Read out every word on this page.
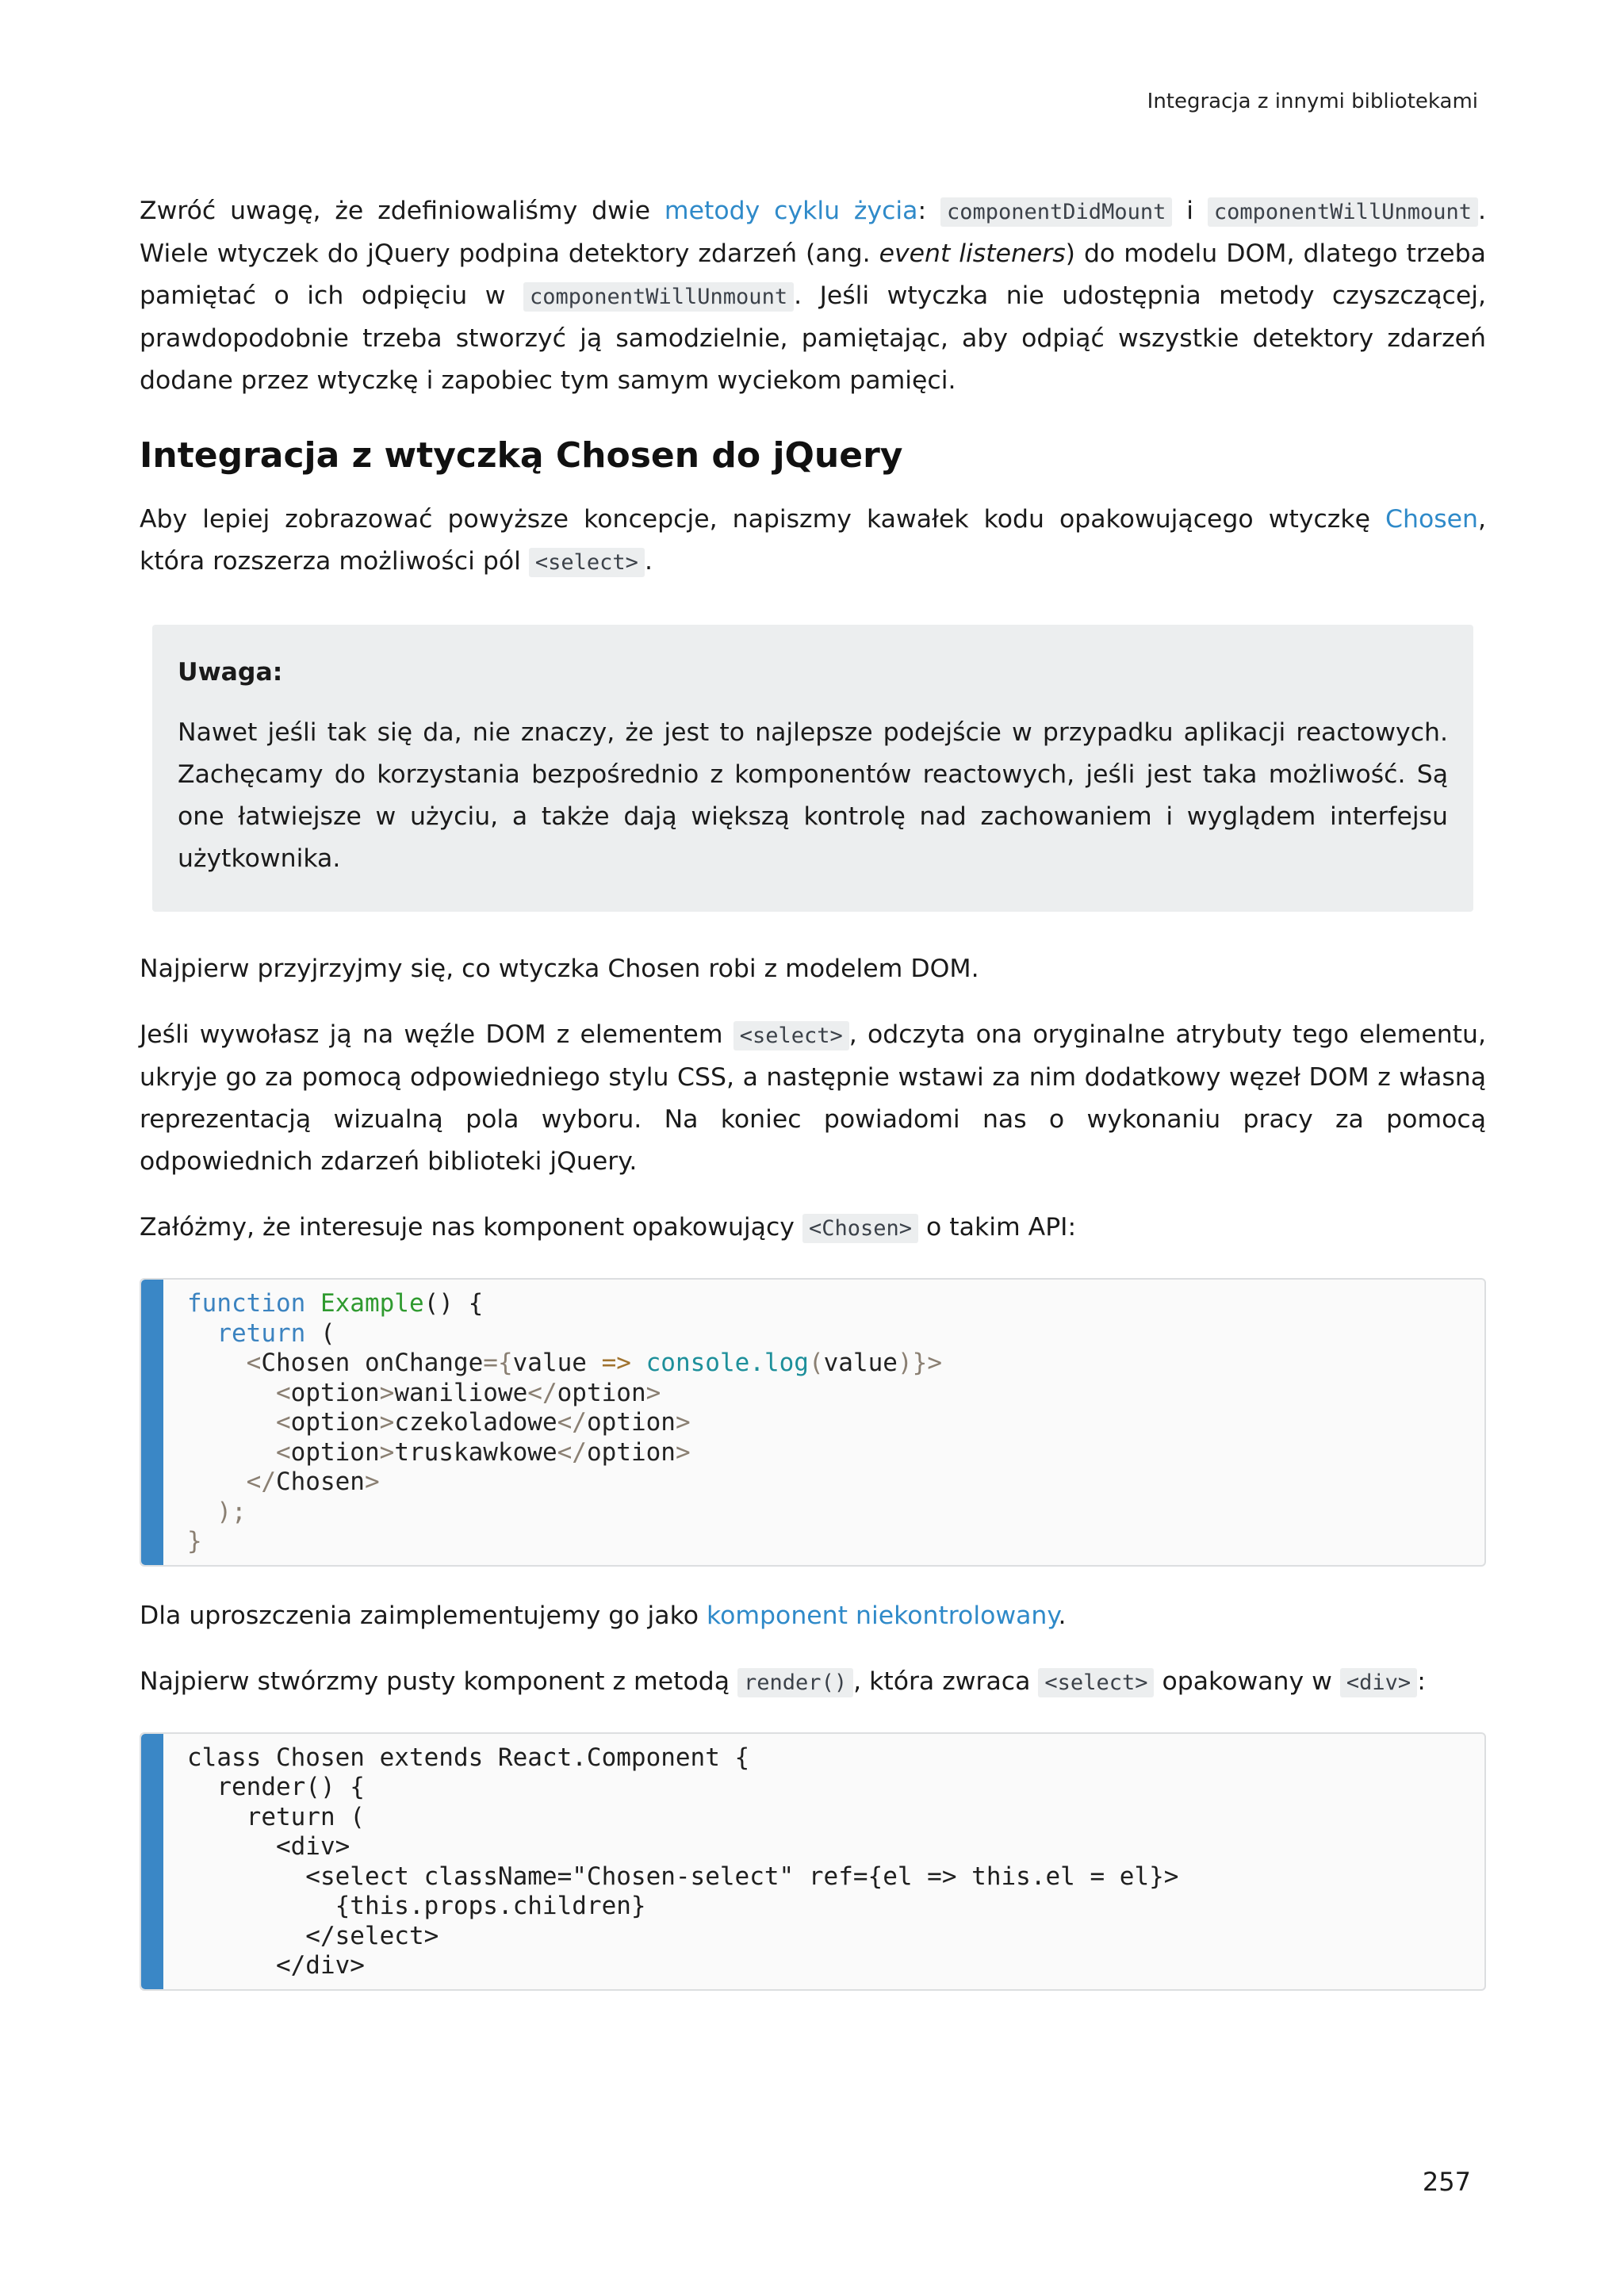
Integracja z innymi bibliotekami

Zwróć uwagę, że zdefiniowaliśmy dwie metody cyklu życia: componentDidMount i componentWillUnmount . Wiele wtyczek do jQuery podpina detektory zdarzeń (ang. event listeners) do modelu DOM, dlatego trzeba pamiętać o ich odpięciu w componentWillUnmount . Jeśli wtyczka nie udostępnia metody czyszczącej, prawdopodobnie trzeba stworzyć ją samodzielnie, pamiętając, aby odpiąć wszystkie detektory zdarzeń dodane przez wtyczkę i zapobiec tym samym wyciekom pamięci.

Integracja z wtyczką Chosen do jQuery

Aby lepiej zobrazować powyższe koncepcje, napiszmy kawałek kodu opakowującego wtyczkę Chosen, która rozszerza możliwości pól <select> .

Uwaga:

Nawet jeśli tak się da, nie znaczy, że jest to najlepsze podejście w przypadku aplikacji reactowych. Zachęcamy do korzystania bezpośrednio z komponentów reactowych, jeśli jest taka możliwość. Są one łatwiejsze w użyciu, a także dają większą kontrolę nad zachowaniem i wyglądem interfejsu użytkownika.

Najpierw przyjrzyjmy się, co wtyczka Chosen robi z modelem DOM.

Jeśli wywołasz ją na węźle DOM z elementem <select> , odczyta ona oryginalne atrybuty tego elementu, ukryje go za pomocą odpowiedniego stylu CSS, a następnie wstawi za nim dodatkowy węzeł DOM z własną reprezentacją wizualną pola wyboru. Na koniec powiadomi nas o wykonaniu pracy za pomocą odpowiednich zdarzeń biblioteki jQuery.

Załóżmy, że interesuje nas komponent opakowujący <Chosen> o takim API:

function Example() {
return (
<Chosen onChange={value => console.log(value)}>
<option>waniliowe</option>
<option>czekoladowe</option>
<option>truskawkowe</option>
</Chosen>
);
}

Dla uproszczenia zaimplementujemy go jako komponent niekontrolowany.

Najpierw stwórzmy pusty komponent z metodą render() , która zwraca <select> opakowany w <div> :

class Chosen extends React.Component {
render() {
return (
<div>
<select className="Chosen-select" ref={el => this.el = el}>
{this.props.children}
</select>
</div>
257
